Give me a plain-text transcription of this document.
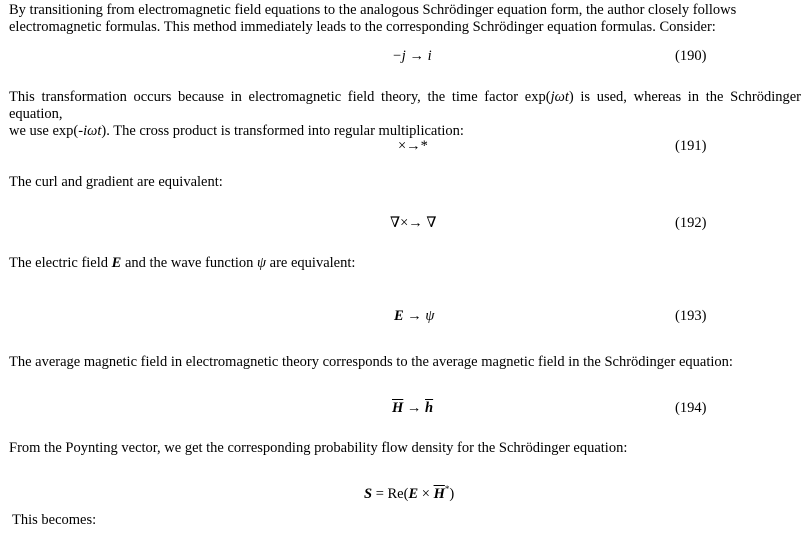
By transitioning from electromagnetic field equations to the analogous Schrödinger equation form, the author closely follows
electromagnetic formulas. This method immediately leads to the corresponding Schrödinger equation formulas. Consider:

−j → i	(190)

This transformation occurs because in electromagnetic field theory, the time factor exp(jωt) is used, whereas in the Schrödinger equation,
we use exp(-iωt). The cross product is transformed into regular multiplication:

×→*	(191)

The curl and gradient are equivalent:

∇×→ ∇	(192)

The electric field E and the wave function ψ are equivalent:

E → ψ	(193)

The average magnetic field in electromagnetic theory corresponds to the average magnetic field in the Schrödinger equation:

$\overline{H} \to \overline{h}$	(194)

From the Poynting vector, we get the corresponding probability flow density for the Schrödinger equation:

$S = Re(E \times \overline{H}^*)$

This becomes:
